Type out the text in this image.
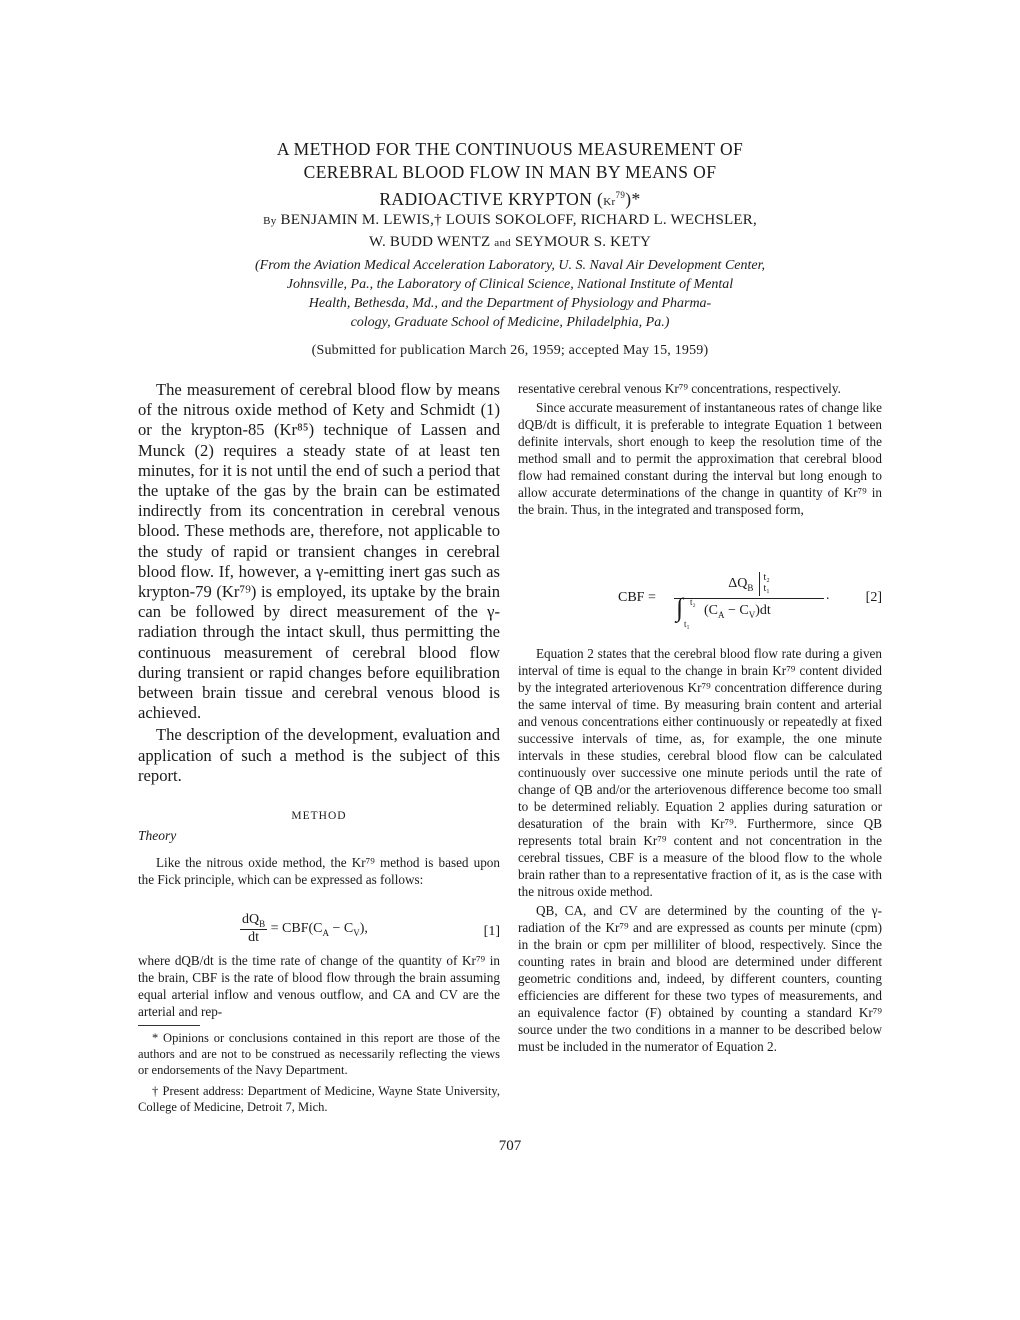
A METHOD FOR THE CONTINUOUS MEASUREMENT OF
CEREBRAL BLOOD FLOW IN MAN BY MEANS OF
RADIOACTIVE KRYPTON (Kr$^{79}$)*
By BENJAMIN M. LEWIS,† LOUIS SOKOLOFF, RICHARD L. WECHSLER,
W. BUDD WENTZ and SEYMOUR S. KETY
(From the Aviation Medical Acceleration Laboratory, U. S. Naval Air Development Center,
Johnsville, Pa., the Laboratory of Clinical Science, National Institute of Mental
Health, Bethesda, Md., and the Department of Physiology and Pharma-
cology, Graduate School of Medicine, Philadelphia, Pa.)
(Submitted for publication March 26, 1959; accepted May 15, 1959)

The measurement of cerebral blood flow by means of the nitrous oxide method of Kety and Schmidt (1) or the krypton-85 (Kr⁸⁵) technique of Lassen and Munck (2) requires a steady state of at least ten minutes, for it is not until the end of such a period that the uptake of the gas by the brain can be estimated indirectly from its concentration in cerebral venous blood. These methods are, therefore, not applicable to the study of rapid or transient changes in cerebral blood flow. If, however, a γ-emitting inert gas such as krypton-79 (Kr⁷⁹) is employed, its uptake by the brain can be followed by direct measurement of the γ-radiation through the intact skull, thus permitting the continuous measurement of cerebral blood flow during transient or rapid changes before equilibration between brain tissue and cerebral venous blood is achieved.

The description of the development, evaluation and application of such a method is the subject of this report.

METHOD

Theory

Like the nitrous oxide method, the Kr⁷⁹ method is based upon the Fick principle, which can be expressed as follows:

$\frac{dQ_B}{dt} = CBF(C_A - C_V)$,	[1]

where dQB/dt is the time rate of change of the quantity of Kr⁷⁹ in the brain, CBF is the rate of blood flow through the brain assuming equal arterial inflow and venous outflow, and CA and CV are the arterial and rep-

* Opinions or conclusions contained in this report are those of the authors and are not to be construed as necessarily reflecting the views or endorsements of the Navy Department.

† Present address: Department of Medicine, Wayne State University, College of Medicine, Detroit 7, Mich.

resentative cerebral venous Kr⁷⁹ concentrations, respectively.

Since accurate measurement of instantaneous rates of change like dQB/dt is difficult, it is preferable to integrate Equation 1 between definite intervals, short enough to keep the resolution time of the method small and to permit the approximation that cerebral blood flow had remained constant during the interval but long enough to allow accurate determinations of the change in quantity of Kr⁷⁹ in the brain. Thus, in the integrated and transposed form,

CBF =
$\Delta Q_B$
t₂
t₁
∫ t₂
t₁
$(C_A - C_V)dt$
.	[2]

Equation 2 states that the cerebral blood flow rate during a given interval of time is equal to the change in brain Kr⁷⁹ content divided by the integrated arteriovenous Kr⁷⁹ concentration difference during the same interval of time. By measuring brain content and arterial and venous concentrations either continuously or repeatedly at fixed successive intervals of time, as, for example, the one minute intervals in these studies, cerebral blood flow can be calculated continuously over successive one minute periods until the rate of change of QB and/or the arteriovenous difference become too small to be determined reliably. Equation 2 applies during saturation or desaturation of the brain with Kr⁷⁹. Furthermore, since QB represents total brain Kr⁷⁹ content and not concentration in the cerebral tissues, CBF is a measure of the blood flow to the whole brain rather than to a representative fraction of it, as is the case with the nitrous oxide method.

QB, CA, and CV are determined by the counting of the γ-radiation of the Kr⁷⁹ and are expressed as counts per minute (cpm) in the brain or cpm per milliliter of blood, respectively. Since the counting rates in brain and blood are determined under different geometric conditions and, indeed, by different counters, counting efficiencies are different for these two types of measurements, and an equivalence factor (F) obtained by counting a standard Kr⁷⁹ source under the two conditions in a manner to be described below must be included in the numerator of Equation 2.

707
